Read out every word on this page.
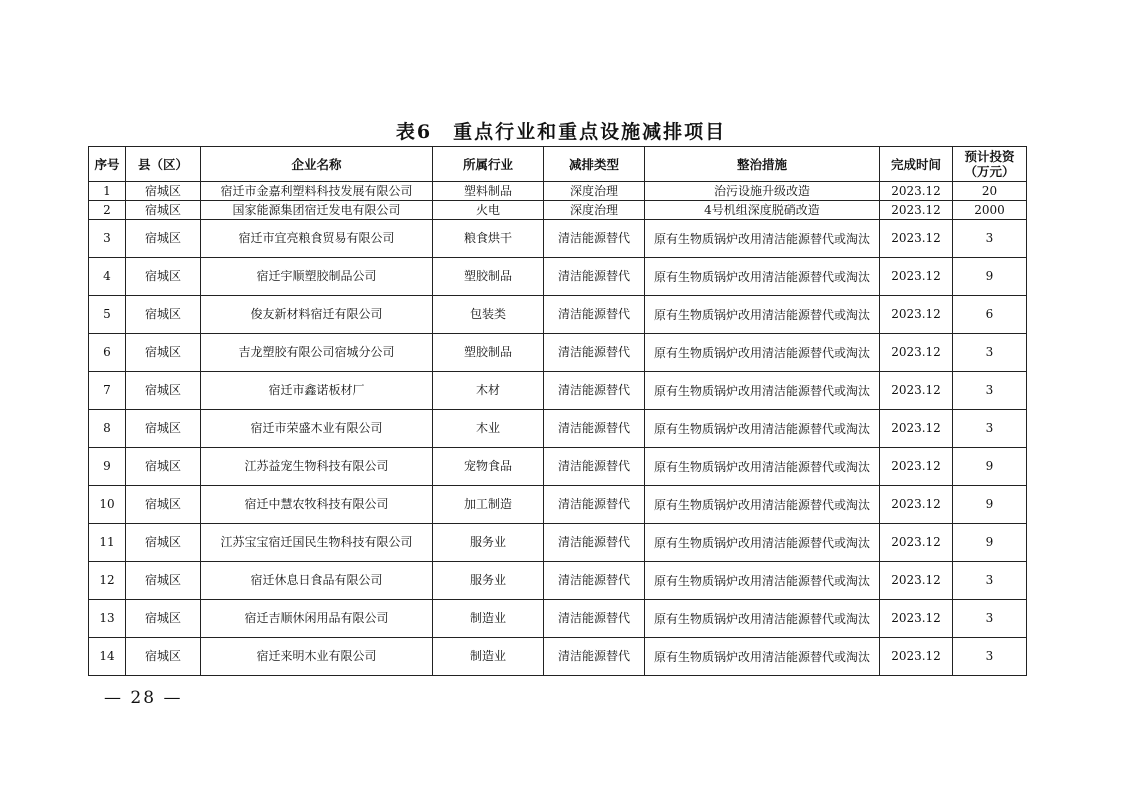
表6　重点行业和重点设施减排项目
序号	县（区）	企业名称	所属行业	减排类型	整治措施	完成时间	预计投资（万元）
1	宿城区	宿迁市金嘉利塑料科技发展有限公司	塑料制品	深度治理	治污设施升级改造	2023.12	20
2	宿城区	国家能源集团宿迁发电有限公司	火电	深度治理	4号机组深度脱硝改造	2023.12	2000
3	宿城区	宿迁市宜亮粮食贸易有限公司	粮食烘干	清洁能源替代	原有生物质锅炉改用清洁能源替代或淘汰	2023.12	3
4	宿城区	宿迁宇顺塑胶制品公司	塑胶制品	清洁能源替代	原有生物质锅炉改用清洁能源替代或淘汰	2023.12	9
5	宿城区	俊友新材料宿迁有限公司	包装类	清洁能源替代	原有生物质锅炉改用清洁能源替代或淘汰	2023.12	6
6	宿城区	吉龙塑胶有限公司宿城分公司	塑胶制品	清洁能源替代	原有生物质锅炉改用清洁能源替代或淘汰	2023.12	3
7	宿城区	宿迁市鑫诺板材厂	木材	清洁能源替代	原有生物质锅炉改用清洁能源替代或淘汰	2023.12	3
8	宿城区	宿迁市荣盛木业有限公司	木业	清洁能源替代	原有生物质锅炉改用清洁能源替代或淘汰	2023.12	3
9	宿城区	江苏益宠生物科技有限公司	宠物食品	清洁能源替代	原有生物质锅炉改用清洁能源替代或淘汰	2023.12	9
10	宿城区	宿迁中慧农牧科技有限公司	加工制造	清洁能源替代	原有生物质锅炉改用清洁能源替代或淘汰	2023.12	9
11	宿城区	江苏宝宝宿迁国民生物科技有限公司	服务业	清洁能源替代	原有生物质锅炉改用清洁能源替代或淘汰	2023.12	9
12	宿城区	宿迁休息日食品有限公司	服务业	清洁能源替代	原有生物质锅炉改用清洁能源替代或淘汰	2023.12	3
13	宿城区	宿迁吉顺休闲用品有限公司	制造业	清洁能源替代	原有生物质锅炉改用清洁能源替代或淘汰	2023.12	3
14	宿城区	宿迁来明木业有限公司	制造业	清洁能源替代	原有生物质锅炉改用清洁能源替代或淘汰	2023.12	3
— 28 —
